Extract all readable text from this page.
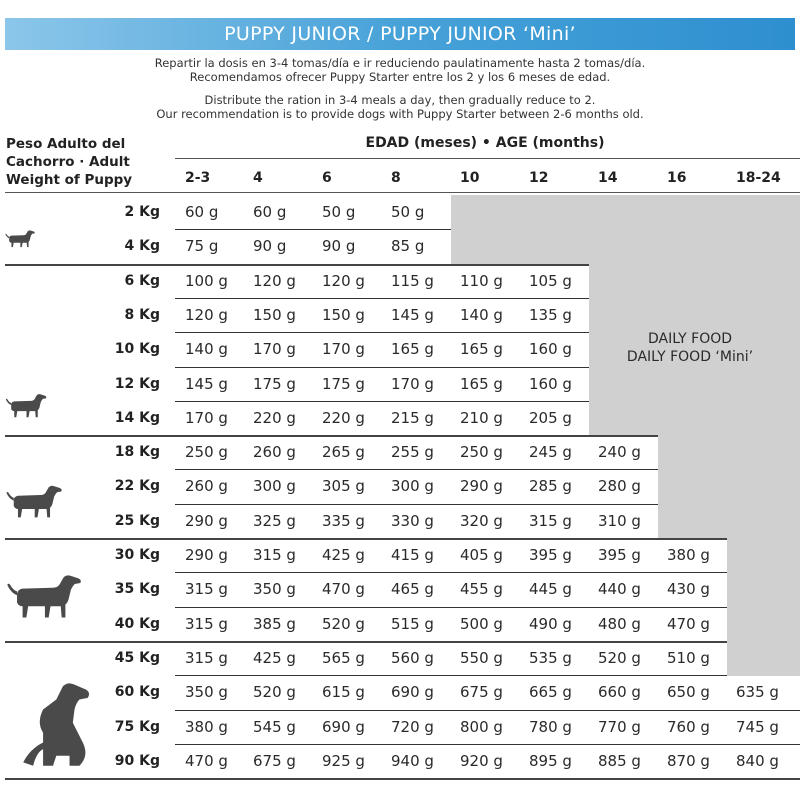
PUPPY JUNIOR / PUPPY JUNIOR ‘Mini’
Repartir la dosis en 3-4 tomas/día e ir reduciendo paulatinamente hasta 2 tomas/día.
Recomendamos ofrecer Puppy Starter entre los 2 y los 6 meses de edad.
Distribute the ration in 3-4 meals a day, then gradually reduce to 2.
Our recommendation is to provide dogs with Puppy Starter between 2-6 months old.
Peso Adulto del
Cachorro · Adult
Weight of Puppy
EDAD (meses) • AGE (months)
2-3	4	6	8	10	12	14	16	18-24
2 Kg 60 g 60 g 50 g 50 g
4 Kg 75 g 90 g 90 g 85 g
6 Kg 100 g 120 g 120 g 115 g 110 g 105 g
8 Kg 120 g 150 g 150 g 145 g 140 g 135 g
10 Kg 140 g 170 g 170 g 165 g 165 g 160 g
12 Kg 145 g 175 g 175 g 170 g 165 g 160 g
14 Kg 170 g 220 g 220 g 215 g 210 g 205 g
18 Kg 250 g 260 g 265 g 255 g 250 g 245 g 240 g
22 Kg 260 g 300 g 305 g 300 g 290 g 285 g 280 g
25 Kg 290 g 325 g 335 g 330 g 320 g 315 g 310 g
30 Kg 290 g 315 g 425 g 415 g 405 g 395 g 395 g 380 g
35 Kg 315 g 350 g 470 g 465 g 455 g 445 g 440 g 430 g
40 Kg 315 g 385 g 520 g 515 g 500 g 490 g 480 g 470 g
45 Kg 315 g 425 g 565 g 560 g 550 g 535 g 520 g 510 g
60 Kg 350 g 520 g 615 g 690 g 675 g 665 g 660 g 650 g 635 g
75 Kg 380 g 545 g 690 g 720 g 800 g 780 g 770 g 760 g 745 g
90 Kg 470 g 675 g 925 g 940 g 920 g 895 g 885 g 870 g 840 g
DAILY FOOD
DAILY FOOD ‘Mini’
